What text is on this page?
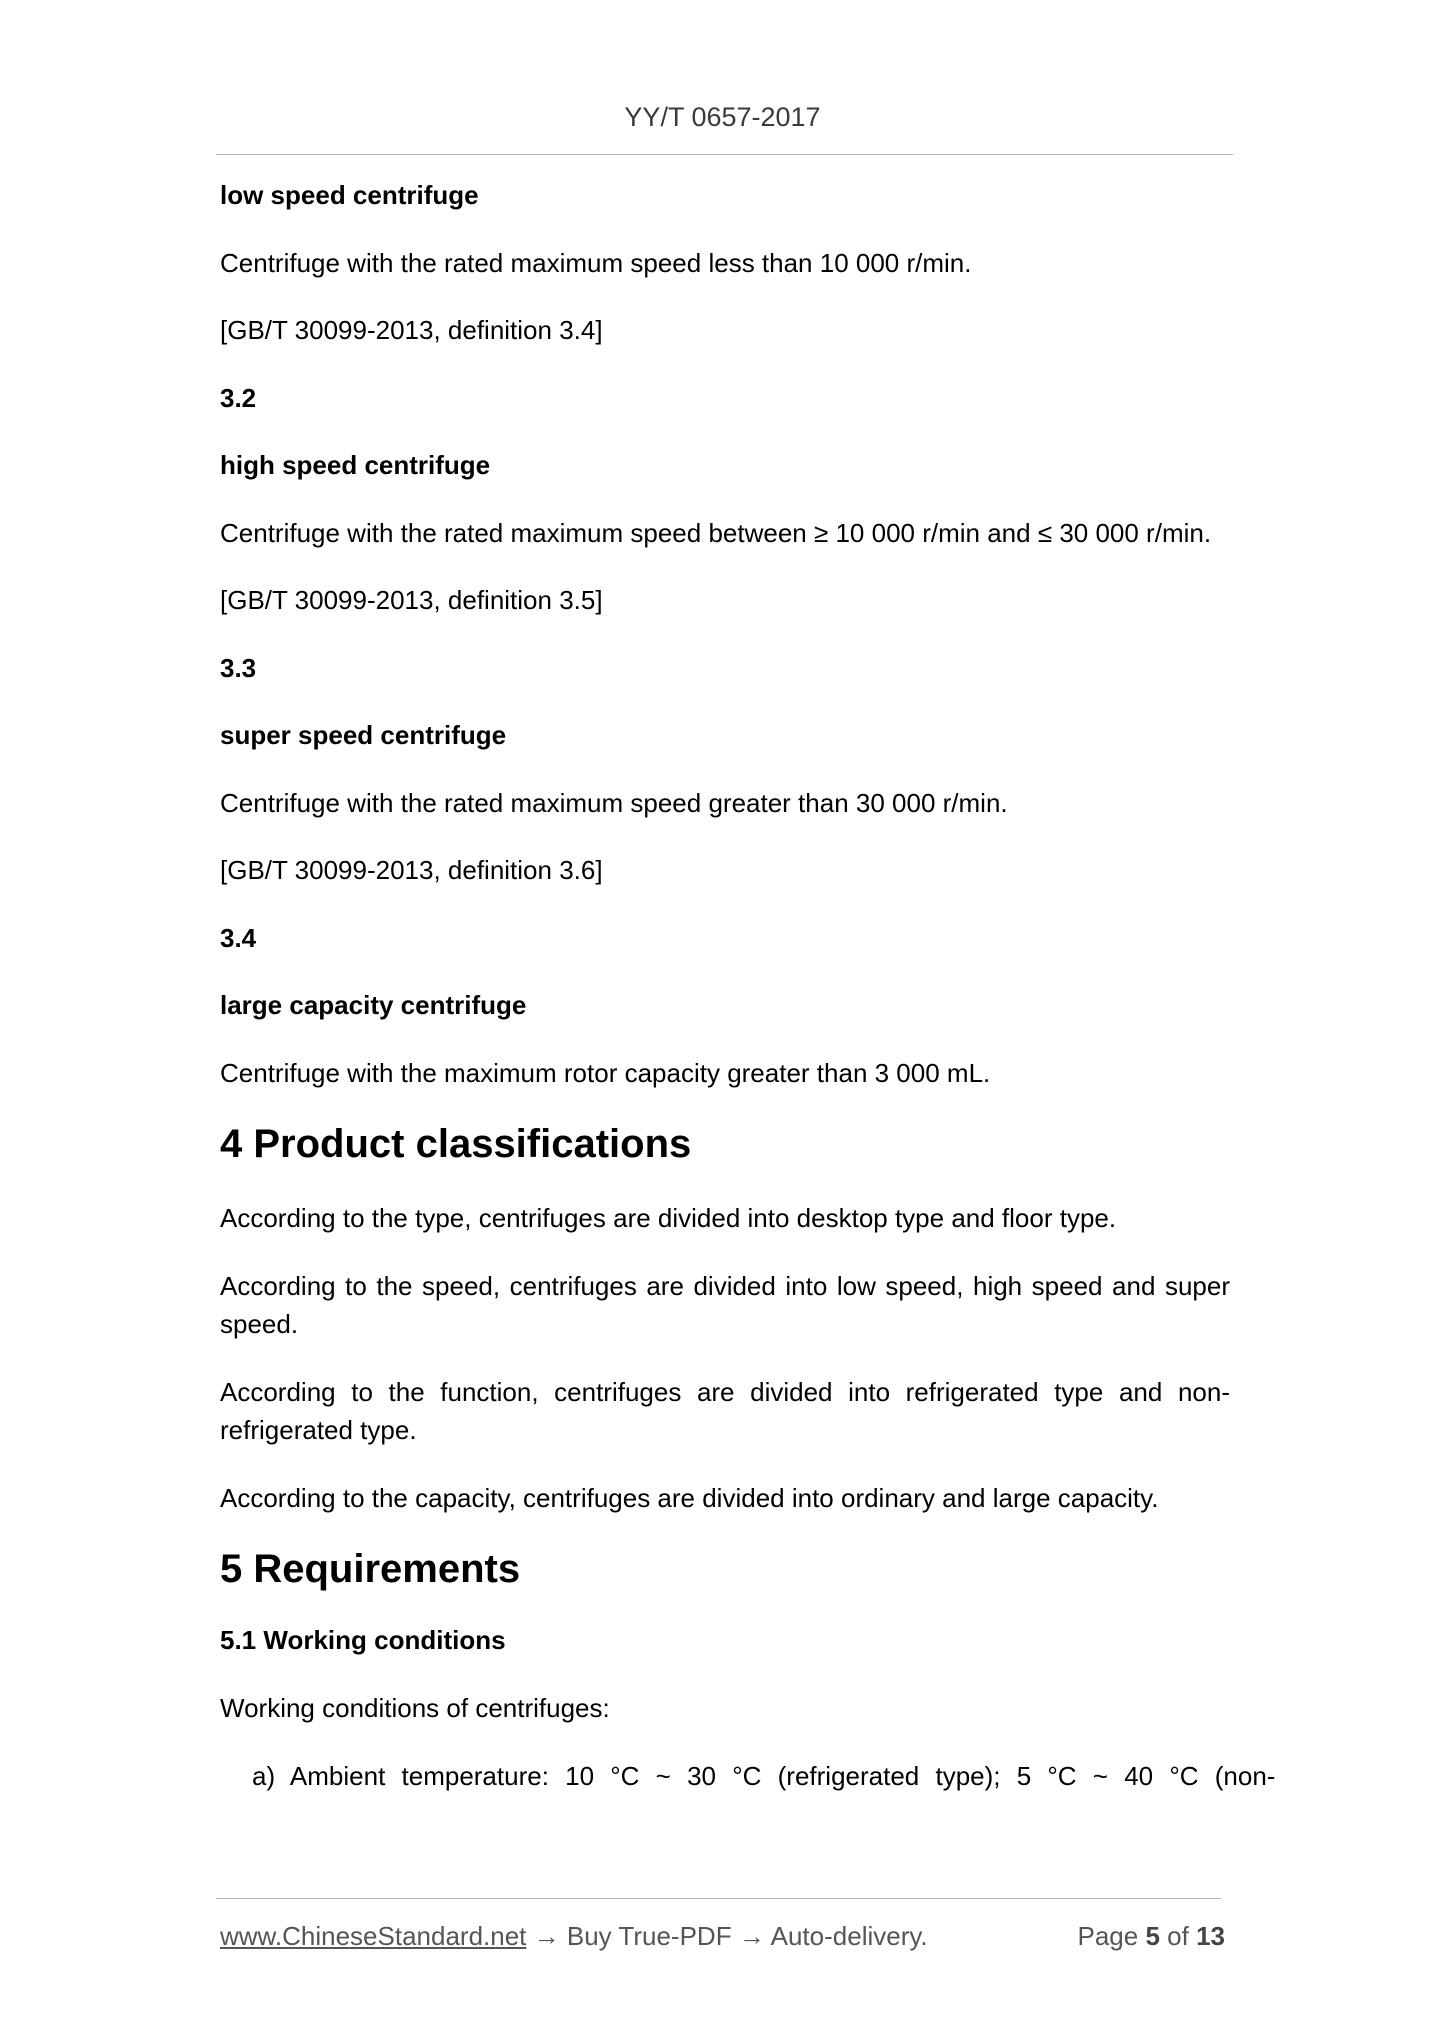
YY/T 0657-2017

low speed centrifuge

Centrifuge with the rated maximum speed less than 10 000 r/min.

[GB/T 30099-2013, definition 3.4]

3.2

high speed centrifuge

Centrifuge with the rated maximum speed between ≥ 10 000 r/min and ≤ 30 000 r/min.

[GB/T 30099-2013, definition 3.5]

3.3

super speed centrifuge

Centrifuge with the rated maximum speed greater than 30 000 r/min.

[GB/T 30099-2013, definition 3.6]

3.4

large capacity centrifuge

Centrifuge with the maximum rotor capacity greater than 3 000 mL.

4 Product classifications

According to the type, centrifuges are divided into desktop type and floor type.

According to the speed, centrifuges are divided into low speed, high speed and super speed.

According to the function, centrifuges are divided into refrigerated type and non-refrigerated type.

According to the capacity, centrifuges are divided into ordinary and large capacity.

5 Requirements

5.1 Working conditions

Working conditions of centrifuges:

a) Ambient temperature: 10 °C ~ 30 °C (refrigerated type); 5 °C ~ 40 °C (non-

www.ChineseStandard.net → Buy True-PDF → Auto-delivery.	Page 5 of 13
